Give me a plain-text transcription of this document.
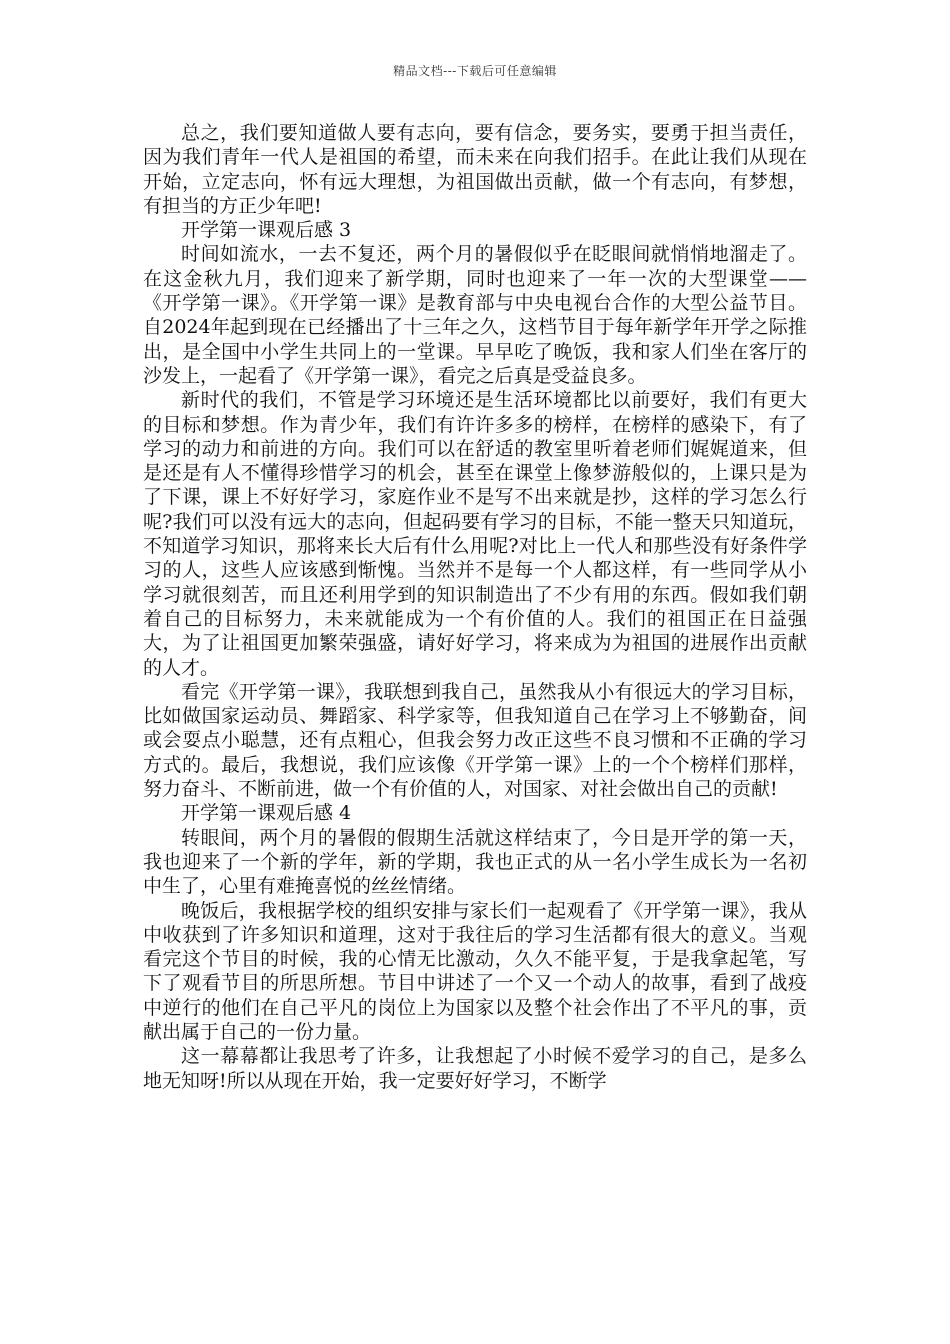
精品文档---下载后可任意编辑

总之，我们要知道做人要有志向，要有信念，要务实，要勇于担当责任，因为我们青年一代人是祖国的希望，而未来在向我们招手。在此让我们从现在开始，立定志向，怀有远大理想，为祖国做出贡献，做一个有志向，有梦想，有担当的方正少年吧!

开学第一课观后感 3

时间如流水，一去不复还，两个月的暑假似乎在眨眼间就悄悄地溜走了。在这金秋九月，我们迎来了新学期，同时也迎来了一年一次的大型课堂——《开学第一课》。《开学第一课》是教育部与中央电视台合作的大型公益节目。自2024年起到现在已经播出了十三年之久，这档节目于每年新学年开学之际推出，是全国中小学生共同上的一堂课。早早吃了晚饭，我和家人们坐在客厅的沙发上，一起看了《开学第一课》，看完之后真是受益良多。

新时代的我们，不管是学习环境还是生活环境都比以前要好，我们有更大的目标和梦想。作为青少年，我们有许许多多的榜样，在榜样的感染下，有了学习的动力和前进的方向。我们可以在舒适的教室里听着老师们娓娓道来，但是还是有人不懂得珍惜学习的机会，甚至在课堂上像梦游般似的，上课只是为了下课，课上不好好学习，家庭作业不是写不出来就是抄，这样的学习怎么行呢?我们可以没有远大的志向，但起码要有学习的目标，不能一整天只知道玩，不知道学习知识，那将来长大后有什么用呢?对比上一代人和那些没有好条件学习的人，这些人应该感到惭愧。当然并不是每一个人都这样，有一些同学从小学习就很刻苦，而且还利用学到的知识制造出了不少有用的东西。假如我们朝着自己的目标努力，未来就能成为一个有价值的人。我们的祖国正在日益强大，为了让祖国更加繁荣强盛，请好好学习，将来成为为祖国的进展作出贡献的人才。

看完《开学第一课》，我联想到我自己，虽然我从小有很远大的学习目标，比如做国家运动员、舞蹈家、科学家等，但我知道自己在学习上不够勤奋，间或会耍点小聪慧，还有点粗心，但我会努力改正这些不良习惯和不正确的学习方式的。最后，我想说，我们应该像《开学第一课》上的一个个榜样们那样，努力奋斗、不断前进，做一个有价值的人，对国家、对社会做出自己的贡献!

开学第一课观后感 4

转眼间，两个月的暑假的假期生活就这样结束了，今日是开学的第一天，我也迎来了一个新的学年，新的学期，我也正式的从一名小学生成长为一名初中生了，心里有难掩喜悦的丝丝情绪。

晚饭后，我根据学校的组织安排与家长们一起观看了《开学第一课》，我从中收获到了许多知识和道理，这对于我往后的学习生活都有很大的意义。当观看完这个节目的时候，我的心情无比激动，久久不能平复，于是我拿起笔，写下了观看节目的所思所想。节目中讲述了一个又一个动人的故事，看到了战疫中逆行的他们在自己平凡的岗位上为国家以及整个社会作出了不平凡的事，贡献出属于自己的一份力量。

这一幕幕都让我思考了许多，让我想起了小时候不爱学习的自己，是多么地无知呀!所以从现在开始，我一定要好好学习，不断学
